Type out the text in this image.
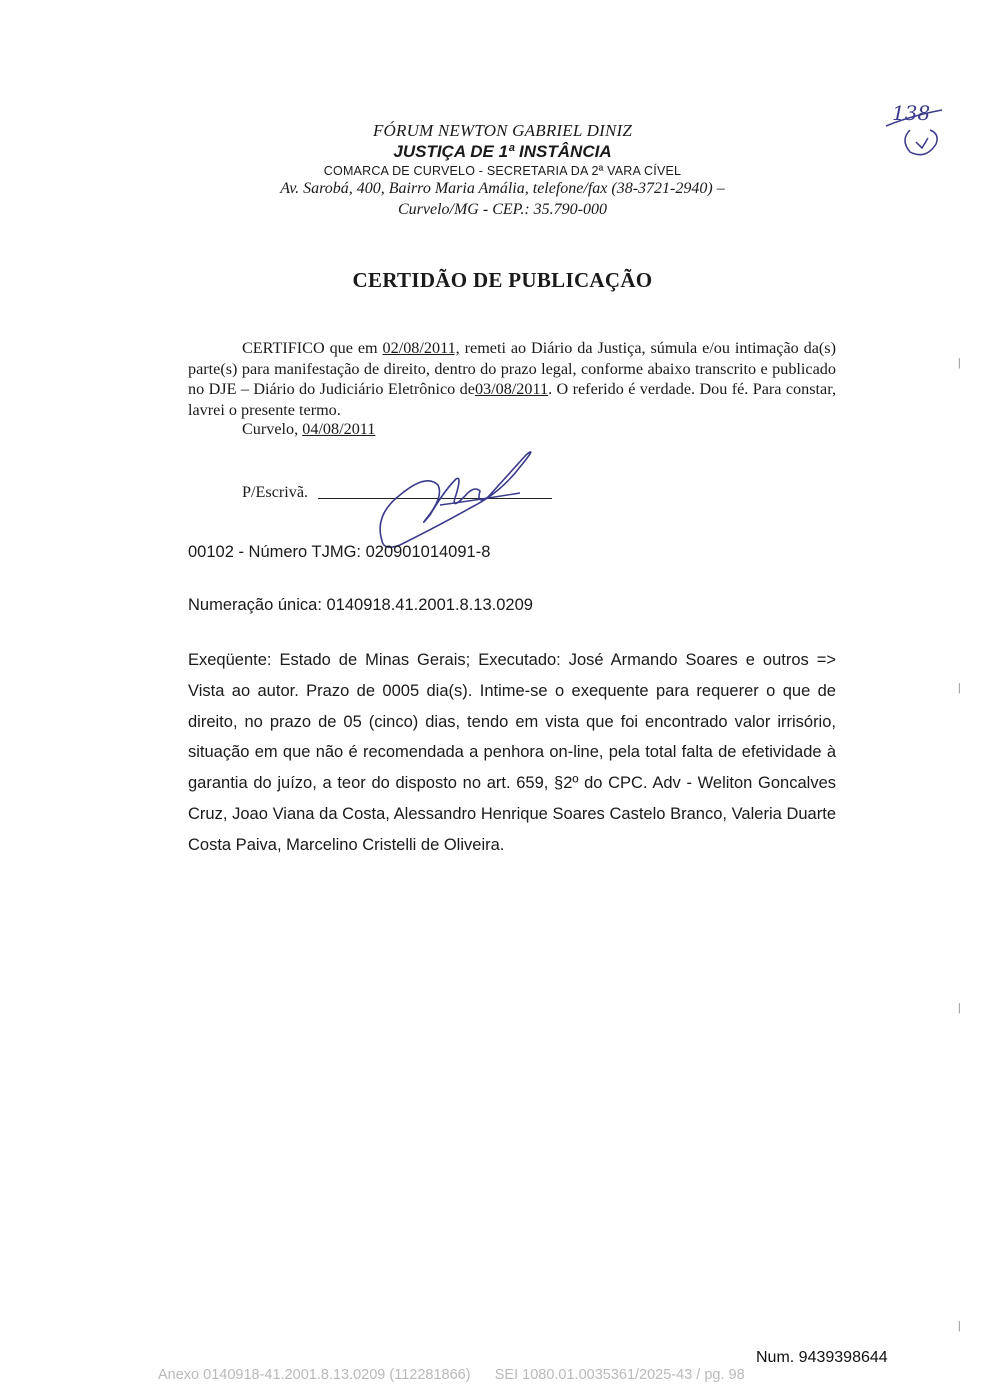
FÓRUM NEWTON GABRIEL DINIZ
JUSTIÇA DE 1ª INSTÂNCIA
COMARCA DE CURVELO - SECRETARIA DA 2ª VARA CÍVEL
Av. Sarobá, 400, Bairro Maria Amália, telefone/fax (38-3721-2940) –
Curvelo/MG - CEP.: 35.790-000
138
CERTIDÃO DE PUBLICAÇÃO
CERTIFICO que em 02/08/2011, remeti ao Diário da Justiça, súmula e/ou intimação da(s) parte(s) para manifestação de direito, dentro do prazo legal, conforme abaixo transcrito e publicado no DJE – Diário do Judiciário Eletrônico de03/08/2011. O referido é verdade. Dou fé. Para constar, lavrei o presente termo.
Curvelo, 04/08/2011
P/Escrivã.
00102 - Número TJMG: 020901014091-8
Numeração única: 0140918.41.2001.8.13.0209
Exeqüente: Estado de Minas Gerais; Executado: José Armando Soares e outros => Vista ao autor. Prazo de 0005 dia(s). Intime-se o exequente para requerer o que de direito, no prazo de 05 (cinco) dias, tendo em vista que foi encontrado valor irrisório, situação em que não é recomendada a penhora on-line, pela total falta de efetividade à garantia do juízo, a teor do disposto no art. 659, §2º do CPC. Adv - Weliton Goncalves Cruz, Joao Viana da Costa, Alessandro Henrique Soares Castelo Branco, Valeria Duarte Costa Paiva, Marcelino Cristelli de Oliveira.
|
|
|
|
Num. 9439398644
Anexo 0140918-41.2001.8.13.0209 (112281866) SEI 1080.01.0035361/2025-43 / pg. 98
